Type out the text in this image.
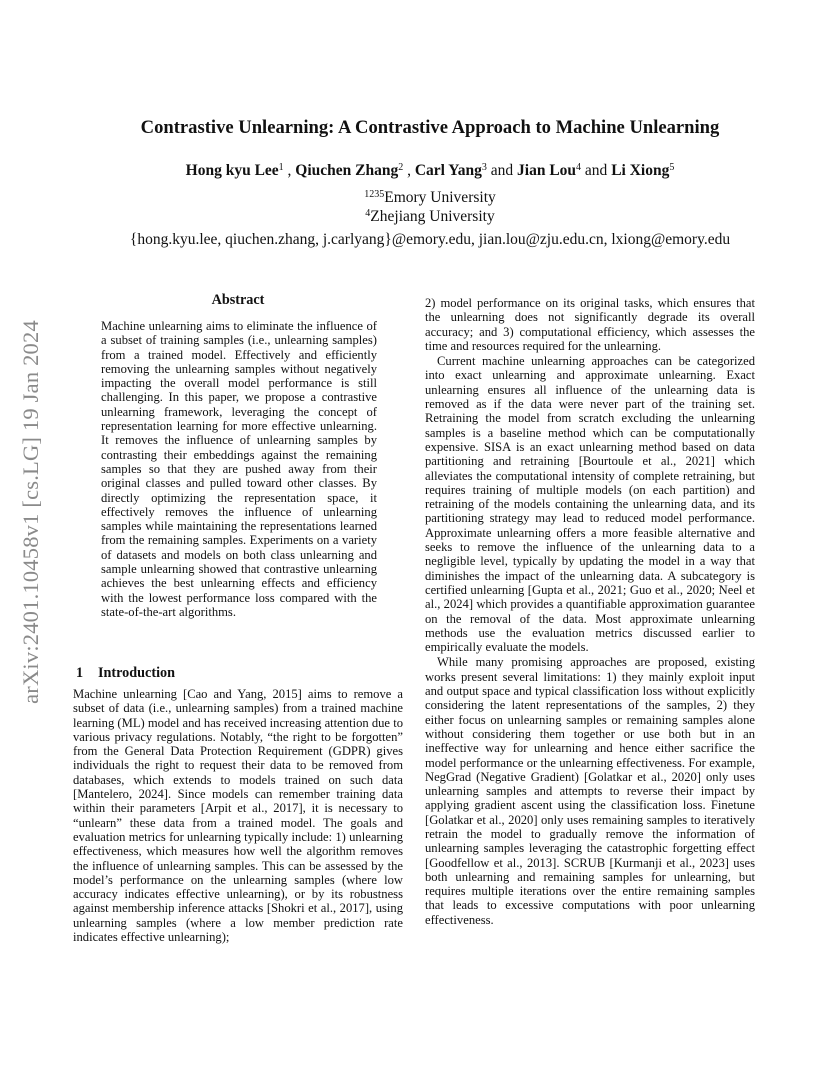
arXiv:2401.10458v1 [cs.LG] 19 Jan 2024
Contrastive Unlearning: A Contrastive Approach to Machine Unlearning
Hong kyu Lee$^1$ , Qiuchen Zhang$^2$ , Carl Yang$^3$ and Jian Lou$^4$ and Li Xiong$^5$
$^{1235}$Emory University
$^4$Zhejiang University
{hong.kyu.lee, qiuchen.zhang, j.carlyang}@emory.edu, jian.lou@zju.edu.cn, lxiong@emory.edu
Abstract

Machine unlearning aims to eliminate the influence of a subset of training samples (i.e., unlearning samples) from a trained model. Effectively and efficiently removing the unlearning samples without negatively impacting the overall model performance is still challenging. In this paper, we propose a contrastive unlearning framework, leveraging the concept of representation learning for more effective unlearning. It removes the influence of unlearning samples by contrasting their embeddings against the remaining samples so that they are pushed away from their original classes and pulled toward other classes. By directly optimizing the representation space, it effectively removes the influence of unlearning samples while maintaining the representations learned from the remaining samples. Experiments on a variety of datasets and models on both class unlearning and sample unlearning showed that contrastive unlearning achieves the best unlearning effects and efficiency with the lowest performance loss compared with the state-of-the-art algorithms.

1 Introduction

Machine unlearning [Cao and Yang, 2015] aims to remove a subset of data (i.e., unlearning samples) from a trained machine learning (ML) model and has received increasing attention due to various privacy regulations. Notably, “the right to be forgotten” from the General Data Protection Requirement (GDPR) gives individuals the right to request their data to be removed from databases, which extends to models trained on such data [Mantelero, 2024]. Since models can remember training data within their parameters [Arpit et al., 2017], it is necessary to “unlearn” these data from a trained model. The goals and evaluation metrics for unlearning typically include: 1) unlearning effectiveness, which measures how well the algorithm removes the influence of unlearning samples. This can be assessed by the model’s performance on the unlearning samples (where low accuracy indicates effective unlearning), or by its robustness against membership inference attacks [Shokri et al., 2017], using unlearning samples (where a low member prediction rate indicates effective unlearning);

2) model performance on its original tasks, which ensures that the unlearning does not significantly degrade its overall accuracy; and 3) computational efficiency, which assesses the time and resources required for the unlearning.

Current machine unlearning approaches can be categorized into exact unlearning and approximate unlearning. Exact unlearning ensures all influence of the unlearning data is removed as if the data were never part of the training set. Retraining the model from scratch excluding the unlearning samples is a baseline method which can be computationally expensive. SISA is an exact unlearning method based on data partitioning and retraining [Bourtoule et al., 2021] which alleviates the computational intensity of complete retraining, but requires training of multiple models (on each partition) and retraining of the models containing the unlearning data, and its partitioning strategy may lead to reduced model performance. Approximate unlearning offers a more feasible alternative and seeks to remove the influence of the unlearning data to a negligible level, typically by updating the model in a way that diminishes the impact of the unlearning data. A subcategory is certified unlearning [Gupta et al., 2021; Guo et al., 2020; Neel et al., 2024] which provides a quantifiable approximation guarantee on the removal of the data. Most approximate unlearning methods use the evaluation metrics discussed earlier to empirically evaluate the models.

While many promising approaches are proposed, existing works present several limitations: 1) they mainly exploit input and output space and typical classification loss without explicitly considering the latent representations of the samples, 2) they either focus on unlearning samples or remaining samples alone without considering them together or use both but in an ineffective way for unlearning and hence either sacrifice the model performance or the unlearning effectiveness. For example, NegGrad (Negative Gradient) [Golatkar et al., 2020] only uses unlearning samples and attempts to reverse their impact by applying gradient ascent using the classification loss. Finetune [Golatkar et al., 2020] only uses remaining samples to iteratively retrain the model to gradually remove the information of unlearning samples leveraging the catastrophic forgetting effect [Goodfellow et al., 2013]. SCRUB [Kurmanji et al., 2023] uses both unlearning and remaining samples for unlearning, but requires multiple iterations over the entire remaining samples that leads to excessive computations with poor unlearning effectiveness.
